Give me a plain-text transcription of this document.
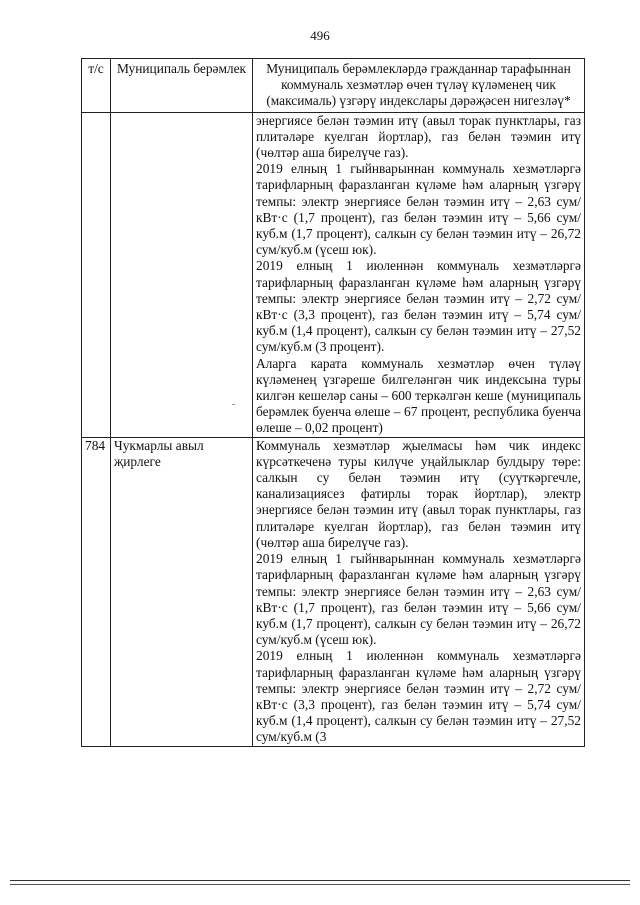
496
т/с	Муниципаль берәмлек	Муниципаль берәмлекләрдә гражданнар тарафыннан коммуналь хезмәтләр өчен түләү күләменең чик (максималь) үзгәрү индекслары дәрәҗәсен нигезләү*

		энергиясе белән тәэмин итү (авыл торак пунктлары, газ плитәләре куелган йортлар), газ белән тәэмин итү (чөлтәр аша бирелүче газ).
2019 елның 1 гыйнварыннан коммуналь хезмәтләргә тарифларның фаразланган күләме һәм аларның үзгәрү темпы: электр энергиясе белән тәэмин итү – 2,63 сум/кВт·с (1,7 процент), газ белән тәэмин итү – 5,66 сум/куб.м (1,7 процент), салкын су белән тәэмин итү – 26,72 сум/куб.м (үсеш юк).
2019 елның 1 июленнән коммуналь хезмәтләргә тарифларның фаразланган күләме һәм аларның үзгәрү темпы: электр энергиясе белән тәэмин итү – 2,72 сум/кВт·с (3,3 процент), газ белән тәэмин итү – 5,74 сум/куб.м (1,4 процент), салкын су белән тәэмин итү – 27,52 сум/куб.м (3 процент).
Аларга карата коммуналь хезмәтләр өчен түләү күләменең үзгәреше билгеләнгән чик индексына туры килгән кешеләр саны – 600 теркәлгән кеше (муниципаль берәмлек буенча өлеше – 67 процент, республика буенча өлеше – 0,02 процент)

784	Чукмарлы авыл җирлеге	Коммуналь хезмәтләр җыелмасы һәм чик индекс күрсәткеченә туры килүче уңайлыклар булдыру төре: салкын су белән тәэмин итү (суүткәргечле, канализациясез фатирлы торак йортлар), электр энергиясе белән тәэмин итү (авыл торак пунктлары, газ плитәләре куелган йортлар), газ белән тәэмин итү (чөлтәр аша бирелүче газ).
2019 елның 1 гыйнварыннан коммуналь хезмәтләргә тарифларның фаразланган күләме һәм аларның үзгәрү темпы: электр энергиясе белән тәэмин итү – 2,63 сум/кВт·с (1,7 процент), газ белән тәэмин итү – 5,66 сум/куб.м (1,7 процент), салкын су белән тәэмин итү – 26,72 сум/куб.м (үсеш юк).
2019 елның 1 июленнән коммуналь хезмәтләргә тарифларның фаразланган күләме һәм аларның үзгәрү темпы: электр энергиясе белән тәэмин итү – 2,72 сум/кВт·с (3,3 процент), газ белән тәэмин итү – 5,74 сум/куб.м (1,4 процент), салкын су белән тәэмин итү – 27,52 сум/куб.м (3
